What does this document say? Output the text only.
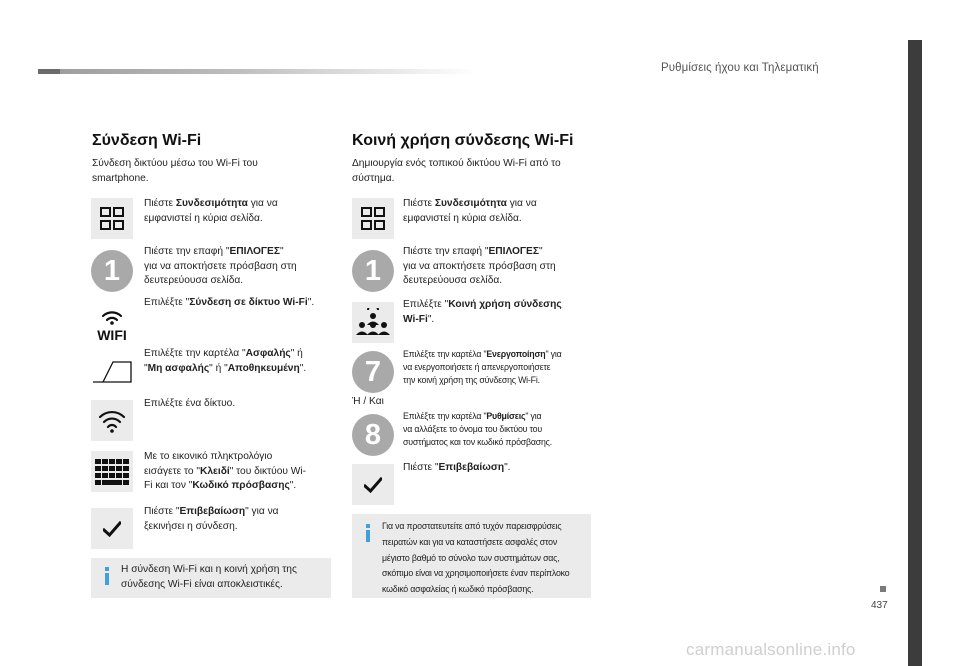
Ρυθμίσεις ήχου και Τηλεματική
437
Σύνδεση Wi-Fi
Σύνδεση δικτύου μέσω του Wi-Fi του
smartphone.
Πιέστε Συνδεσιμότητα για να
εμφανιστεί η κύρια σελίδα.
1
Πιέστε την επαφή "ΕΠΙΛΟΓΕΣ"
για να αποκτήσετε πρόσβαση στη
δευτερεύουσα σελίδα.
WIFI
Επιλέξτε "Σύνδεση σε δίκτυο Wi-Fi".
Επιλέξτε την καρτέλα "Ασφαλής" ή
"Μη ασφαλής" ή "Αποθηκευμένη".
Επιλέξτε ένα δίκτυο.
Με το εικονικό πληκτρολόγιο
εισάγετε το "Κλειδί" του δικτύου Wi-
Fi και τον "Κωδικό πρόσβασης".
Πιέστε "Επιβεβαίωση" για να
ξεκινήσει η σύνδεση.
Η σύνδεση Wi-Fi και η κοινή χρήση της
σύνδεσης Wi-Fi είναι αποκλειστικές.
Κοινή χρήση σύνδεσης Wi-Fi
Δημιουργία ενός τοπικού δικτύου Wi-Fi από το
σύστημα.
Πιέστε Συνδεσιμότητα για να
εμφανιστεί η κύρια σελίδα.
1
Πιέστε την επαφή "ΕΠΙΛΟΓΕΣ"
για να αποκτήσετε πρόσβαση στη
δευτερεύουσα σελίδα.
Επιλέξτε "Κοινή χρήση σύνδεσης
Wi-Fi".
7
Επιλέξτε την καρτέλα "Ενεργοποίηση" για
να ενεργοποιήσετε ή απενεργοποιήσετε
την κοινή χρήση της σύνδεσης Wi-Fi.
Ή / Και
8
Επιλέξτε την καρτέλα "Ρυθμίσεις" για
να αλλάξετε το όνομα του δικτύου του
συστήματος και τον κωδικό πρόσβασης.
Πιέστε "Επιβεβαίωση".
Για να προστατευτείτε από τυχόν παρεισφρύσεις
πειρατών και για να καταστήσετε ασφαλές στον
μέγιστο βαθμό το σύνολο των συστημάτων σας,
σκόπιμο είναι να χρησιμοποιήσετε έναν περίπλοκο
κωδικό ασφαλείας ή κωδικό πρόσβασης.
carmanualsonline.info
